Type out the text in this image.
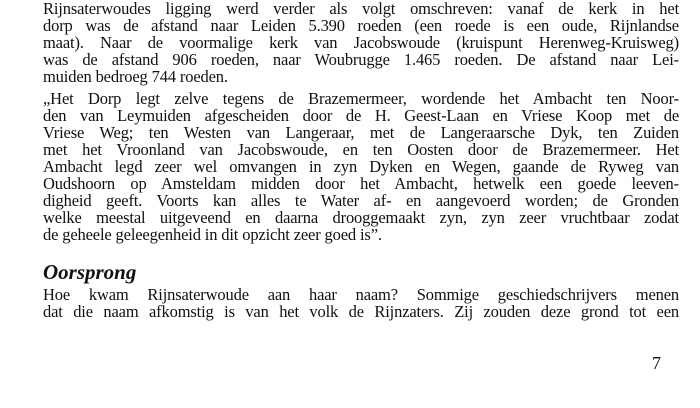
Rijnsaterwoudes ligging werd verder als volgt omschreven: vanaf de kerk in het
dorp was de afstand naar Leiden 5.390 roeden (een roede is een oude, Rijnlandse
maat). Naar de voormalige kerk van Jacobswoude (kruispunt Herenweg-Kruisweg)
was de afstand 906 roeden, naar Woubrugge 1.465 roeden. De afstand naar Lei-
muiden bedroeg 744 roeden.
„Het Dorp legt zelve tegens de Brazemermeer, wordende het Ambacht ten Noor-
den van Leymuiden afgescheiden door de H. Geest-Laan en Vriese Koop met de
Vriese Weg; ten Westen van Langeraar, met de Langeraarsche Dyk, ten Zuiden
met het Vroonland van Jacobswoude, en ten Oosten door de Brazemermeer. Het
Ambacht legd zeer wel omvangen in zyn Dyken en Wegen, gaande de Ryweg van
Oudshoorn op Amsteldam midden door het Ambacht, hetwelk een goede leeven-
digheid geeft. Voorts kan alles te Water af- en aangevoerd worden; de Gronden
welke meestal uitgeveend en daarna drooggemaakt zyn, zyn zeer vruchtbaar zodat
de geheele geleegenheid in dit opzicht zeer goed is”.
Oorsprong
Hoe kwam Rijnsaterwoude aan haar naam? Sommige geschiedschrijvers menen
dat die naam afkomstig is van het volk de Rijnzaters. Zij zouden deze grond tot een
7
